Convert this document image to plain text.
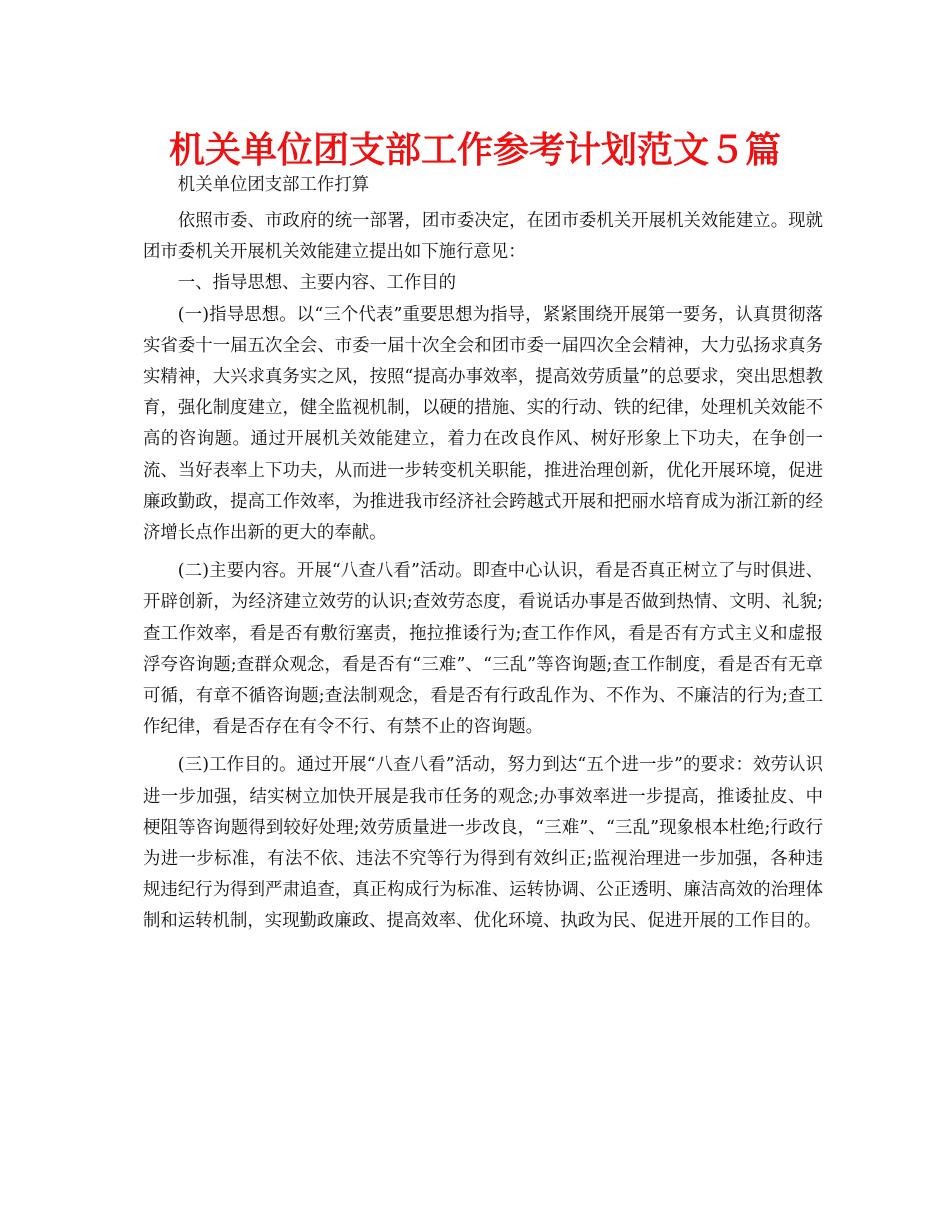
机关单位团支部工作参考计划范文５篇

机关单位团支部工作打算

依照市委、市政府的统一部署，团市委决定，在团市委机关开展机关效能建立。现就团市委机关开展机关效能建立提出如下施行意见：

一、指导思想、主要内容、工作目的

(一)指导思想。以“三个代表”重要思想为指导，紧紧围绕开展第一要务，认真贯彻落实省委十一届五次全会、市委一届十次全会和团市委一届四次全会精神，大力弘扬求真务实精神，大兴求真务实之风，按照“提高办事效率，提高效劳质量”的总要求，突出思想教育，强化制度建立，健全监视机制，以硬的措施、实的行动、铁的纪律，处理机关效能不高的咨询题。通过开展机关效能建立，着力在改良作风、树好形象上下功夫，在争创一流、当好表率上下功夫，从而进一步转变机关职能，推进治理创新，优化开展环境，促进廉政勤政，提高工作效率，为推进我市经济社会跨越式开展和把丽水培育成为浙江新的经济增长点作出新的更大的奉献。

(二)主要内容。开展“八查八看”活动。即查中心认识，看是否真正树立了与时俱进、开辟创新，为经济建立效劳的认识;查效劳态度，看说话办事是否做到热情、文明、礼貌;查工作效率，看是否有敷衍塞责，拖拉推诿行为;查工作作风，看是否有方式主义和虚报浮夸咨询题;查群众观念，看是否有“三难”、“三乱”等咨询题;查工作制度，看是否有无章可循，有章不循咨询题;查法制观念，看是否有行政乱作为、不作为、不廉洁的行为;查工作纪律，看是否存在有令不行、有禁不止的咨询题。

(三)工作目的。通过开展“八查八看”活动，努力到达“五个进一步”的要求：效劳认识进一步加强，结实树立加快开展是我市任务的观念;办事效率进一步提高，推诿扯皮、中梗阻等咨询题得到较好处理;效劳质量进一步改良，“三难”、“三乱”现象根本杜绝;行政行为进一步标准，有法不依、违法不究等行为得到有效纠正;监视治理进一步加强，各种违规违纪行为得到严肃追查，真正构成行为标准、运转协调、公正透明、廉洁高效的治理体制和运转机制，实现勤政廉政、提高效率、优化环境、执政为民、促进开展的工作目的。
